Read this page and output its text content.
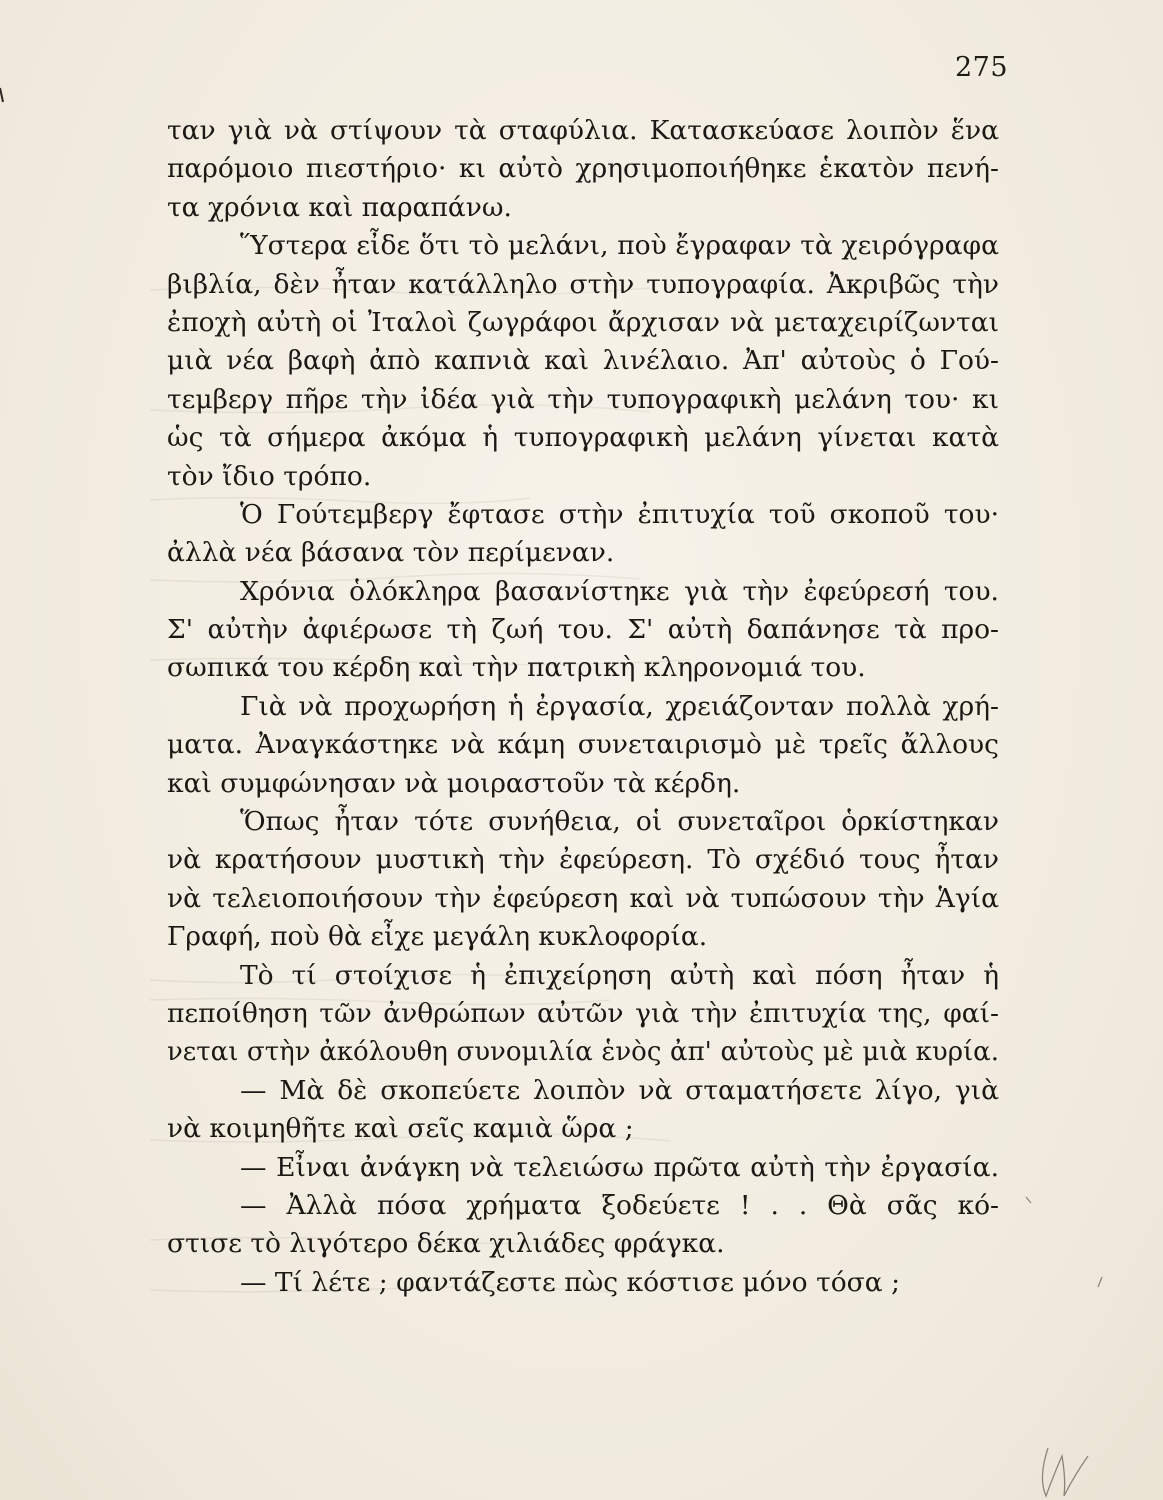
275
ταν γιὰ νὰ στίψουν τὰ σταφύλια. Κατασκεύασε λοιπὸν ἕνα
παρόμοιο πιεστήριο· κι αὐτὸ χρησιμοποιήθηκε ἑκατὸν πενή-
τα χρόνια καὶ παραπάνω.
Ὕστερα εἶδε ὅτι τὸ μελάνι, ποὺ ἔγραφαν τὰ χειρόγραφα
βιβλία, δὲν ἦταν κατάλληλο στὴν τυπογραφία. Ἀκριβῶς τὴν
ἐποχὴ αὐτὴ οἱ Ἰταλοὶ ζωγράφοι ἄρχισαν νὰ μεταχειρίζωνται
μιὰ νέα βαφὴ ἀπὸ καπνιὰ καὶ λινέλαιο. Ἀπ' αὐτοὺς ὁ Γού-
τεμβεργ πῆρε τὴν ἰδέα γιὰ τὴν τυπογραφικὴ μελάνη του· κι
ὡς τὰ σήμερα ἀκόμα ἡ τυπογραφικὴ μελάνη γίνεται κατὰ
τὸν ἴδιο τρόπο.
Ὁ Γούτεμβεργ ἔφτασε στὴν ἐπιτυχία τοῦ σκοποῦ του·
ἀλλὰ νέα βάσανα τὸν περίμεναν.
Χρόνια ὁλόκληρα βασανίστηκε γιὰ τὴν ἐφεύρεσή του.
Σ' αὐτὴν ἀφιέρωσε τὴ ζωή του. Σ' αὐτὴ δαπάνησε τὰ προ-
σωπικά του κέρδη καὶ τὴν πατρικὴ κληρονομιά του.
Γιὰ νὰ προχωρήση ἡ ἐργασία, χρειάζονταν πολλὰ χρή-
ματα. Ἀναγκάστηκε νὰ κάμη συνεταιρισμὸ μὲ τρεῖς ἄλλους
καὶ συμφώνησαν νὰ μοιραστοῦν τὰ κέρδη.
Ὅπως ἦταν τότε συνήθεια, οἱ συνεταῖροι ὁρκίστηκαν
νὰ κρατήσουν μυστικὴ τὴν ἐφεύρεση. Τὸ σχέδιό τους ἦταν
νὰ τελειοποιήσουν τὴν ἐφεύρεση καὶ νὰ τυπώσουν τὴν Ἁγία
Γραφή, ποὺ θὰ εἶχε μεγάλη κυκλοφορία.
Τὸ τί στοίχισε ἡ ἐπιχείρηση αὐτὴ καὶ πόση ἦταν ἡ
πεποίθηση τῶν ἀνθρώπων αὐτῶν γιὰ τὴν ἐπιτυχία της, φαί-
νεται στὴν ἀκόλουθη συνομιλία ἑνὸς ἀπ' αὐτοὺς μὲ μιὰ κυρία.
— Μὰ δὲ σκοπεύετε λοιπὸν νὰ σταματήσετε λίγο, γιὰ
νὰ κοιμηθῆτε καὶ σεῖς καμιὰ ὥρα ;
— Εἶναι ἀνάγκη νὰ τελειώσω πρῶτα αὐτὴ τὴν ἐργασία.
— Ἀλλὰ πόσα χρήματα ξοδεύετε ! . . Θὰ σᾶς κό-
στισε τὸ λιγότερο δέκα χιλιάδες φράγκα.
— Τί λέτε ; φαντάζεστε πὼς κόστισε μόνο τόσα ;
